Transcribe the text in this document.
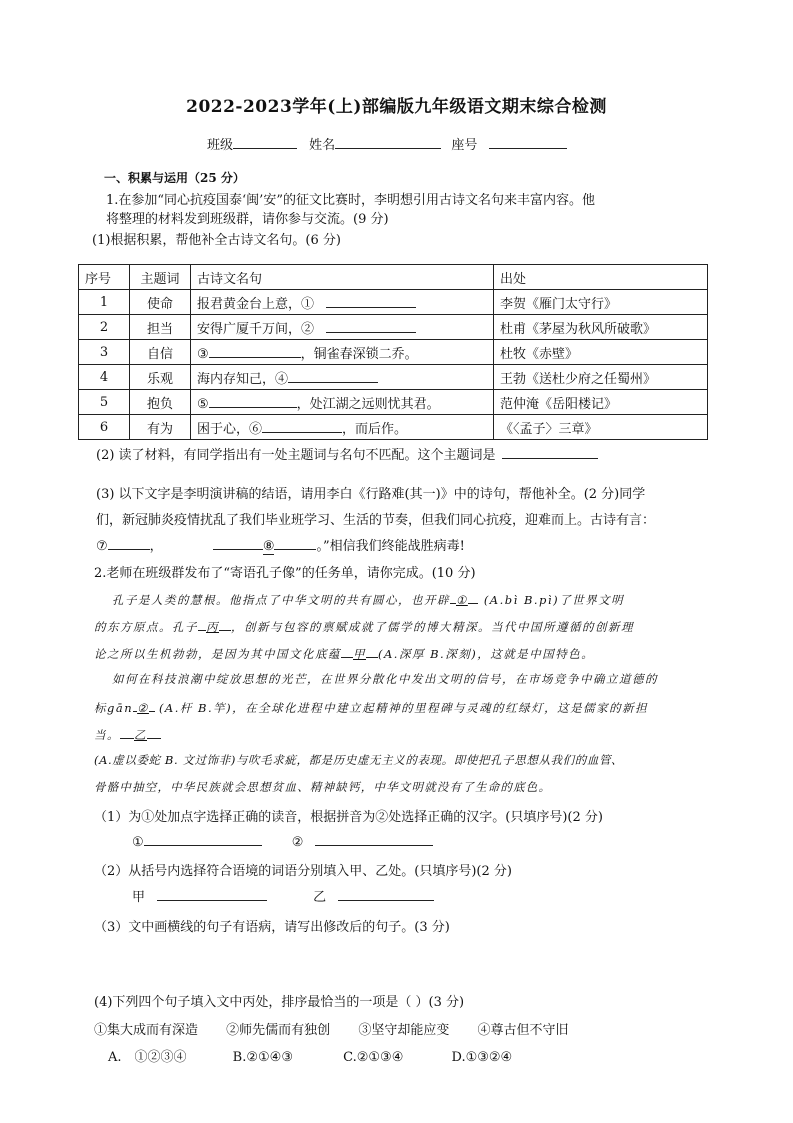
2022-2023学年(上)部编版九年级语文期末综合检测
班级	姓名	座号
一、积累与运用（25 分）
1.在参加“同心抗疫国泰‘闽’安”的征文比赛时，李明想引用古诗文名句来丰富内容。他
将整理的材料发到班级群，请你参与交流。(9 分)
(1)根据积累，帮他补全古诗文名句。(6 分)
序号	主题词	古诗文名句	出处
1	使命	报君黄金台上意，①	李贺《雁门太守行》
2	担当	安得广厦千万间，②	杜甫《茅屋为秋风所破歌》
3	自信	③ ，铜雀春深锁二乔。	杜牧《赤壁》
4	乐观	海内存知己，④	王勃《送杜少府之任蜀州》
5	抱负	⑤ ，处江湖之远则忧其君。	范仲淹《岳阳楼记》
6	有为	困于心，⑥ ，而后作。	《〈孟子〉三章》
(2) 读了材料，有同学指出有一处主题词与名句不匹配。这个主题词是
(3) 以下文字是李明演讲稿的结语，请用李白《行路难(其一)》中的诗句，帮他补全。(2 分)同学
们，新冠肺炎疫情扰乱了我们毕业班学习、生活的节奏，但我们同心抗疫，迎难而上。古诗有言：
⑦	，	⑧	。”相信我们终能战胜病毒!
2.老师在班级群发布了“寄语孔子像”的任务单，请你完成。(10 分)
孔子是人类的慧根。他指点了中华文明的共有圆心，也开辟 ① (A.bì B.pì)了世界文明
的东方原点。孔子 丙 ，创新与包容的禀赋成就了儒学的博大精深。当代中国所遵循的创新理
论之所以生机勃勃，是因为其中国文化底蕴 甲 (A.深厚 B.深刻)，这就是中国特色。
如何在科技浪潮中绽放思想的光芒，在世界分散化中发出文明的信号，在市场竞争中确立道德的
标gān ② (A.杆 B.竿)，在全球化进程中建立起精神的里程碑与灵魂的红绿灯，这是儒家的新担
当。 乙
(A.虚以委蛇 B. 文过饰非)与吹毛求疵，都是历史虚无主义的表现。即使把孔子思想从我们的血管、
骨骼中抽空，中华民族就会思想贫血、精神缺钙，中华文明就没有了生命的底色。
（1）为①处加点字选择正确的读音，根据拼音为②处选择正确的汉字。(只填序号)(2 分)
①	②
（2）从括号内选择符合语境的词语分别填入甲、乙处。(只填序号)(2 分)
甲	乙
（3）文中画横线的句子有语病，请写出修改后的句子。(3 分)
(4)下列四个句子填入文中丙处，排序最恰当的一项是（ ）(3 分)
①集大成而有深造 ②师先儒而有独创 ③坚守却能应变 ④尊古但不守旧
A.　①②③④	B.②①④③	C.②①③④	D.①③②④
